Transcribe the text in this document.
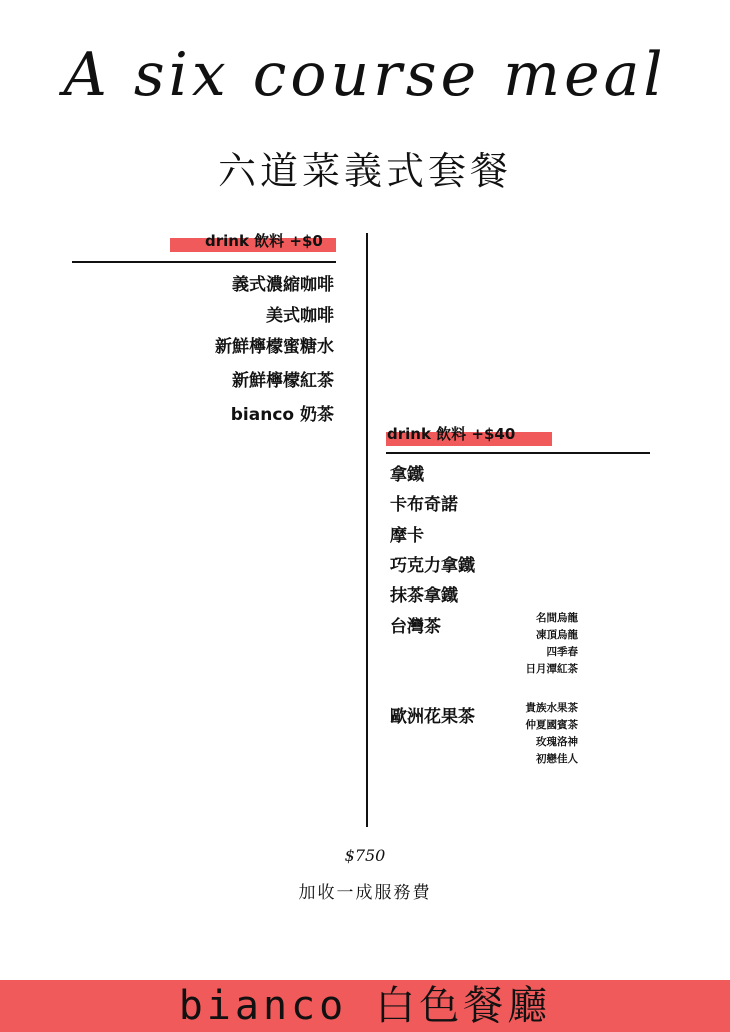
A six course meal
六道菜義式套餐
drink 飲料 +$0
義式濃縮咖啡
美式咖啡
新鮮檸檬蜜糖水
新鮮檸檬紅茶
bianco 奶茶
drink 飲料 +$40
拿鐵
卡布奇諾
摩卡
巧克力拿鐵
抹茶拿鐵
台灣茶
歐洲花果茶
名間烏龍
凍頂烏龍
四季春
日月潭紅茶
貴族水果茶
仲夏國賓茶
玫瑰洛神
初戀佳人
$750
加收一成服務費
bianco 白色餐廳
